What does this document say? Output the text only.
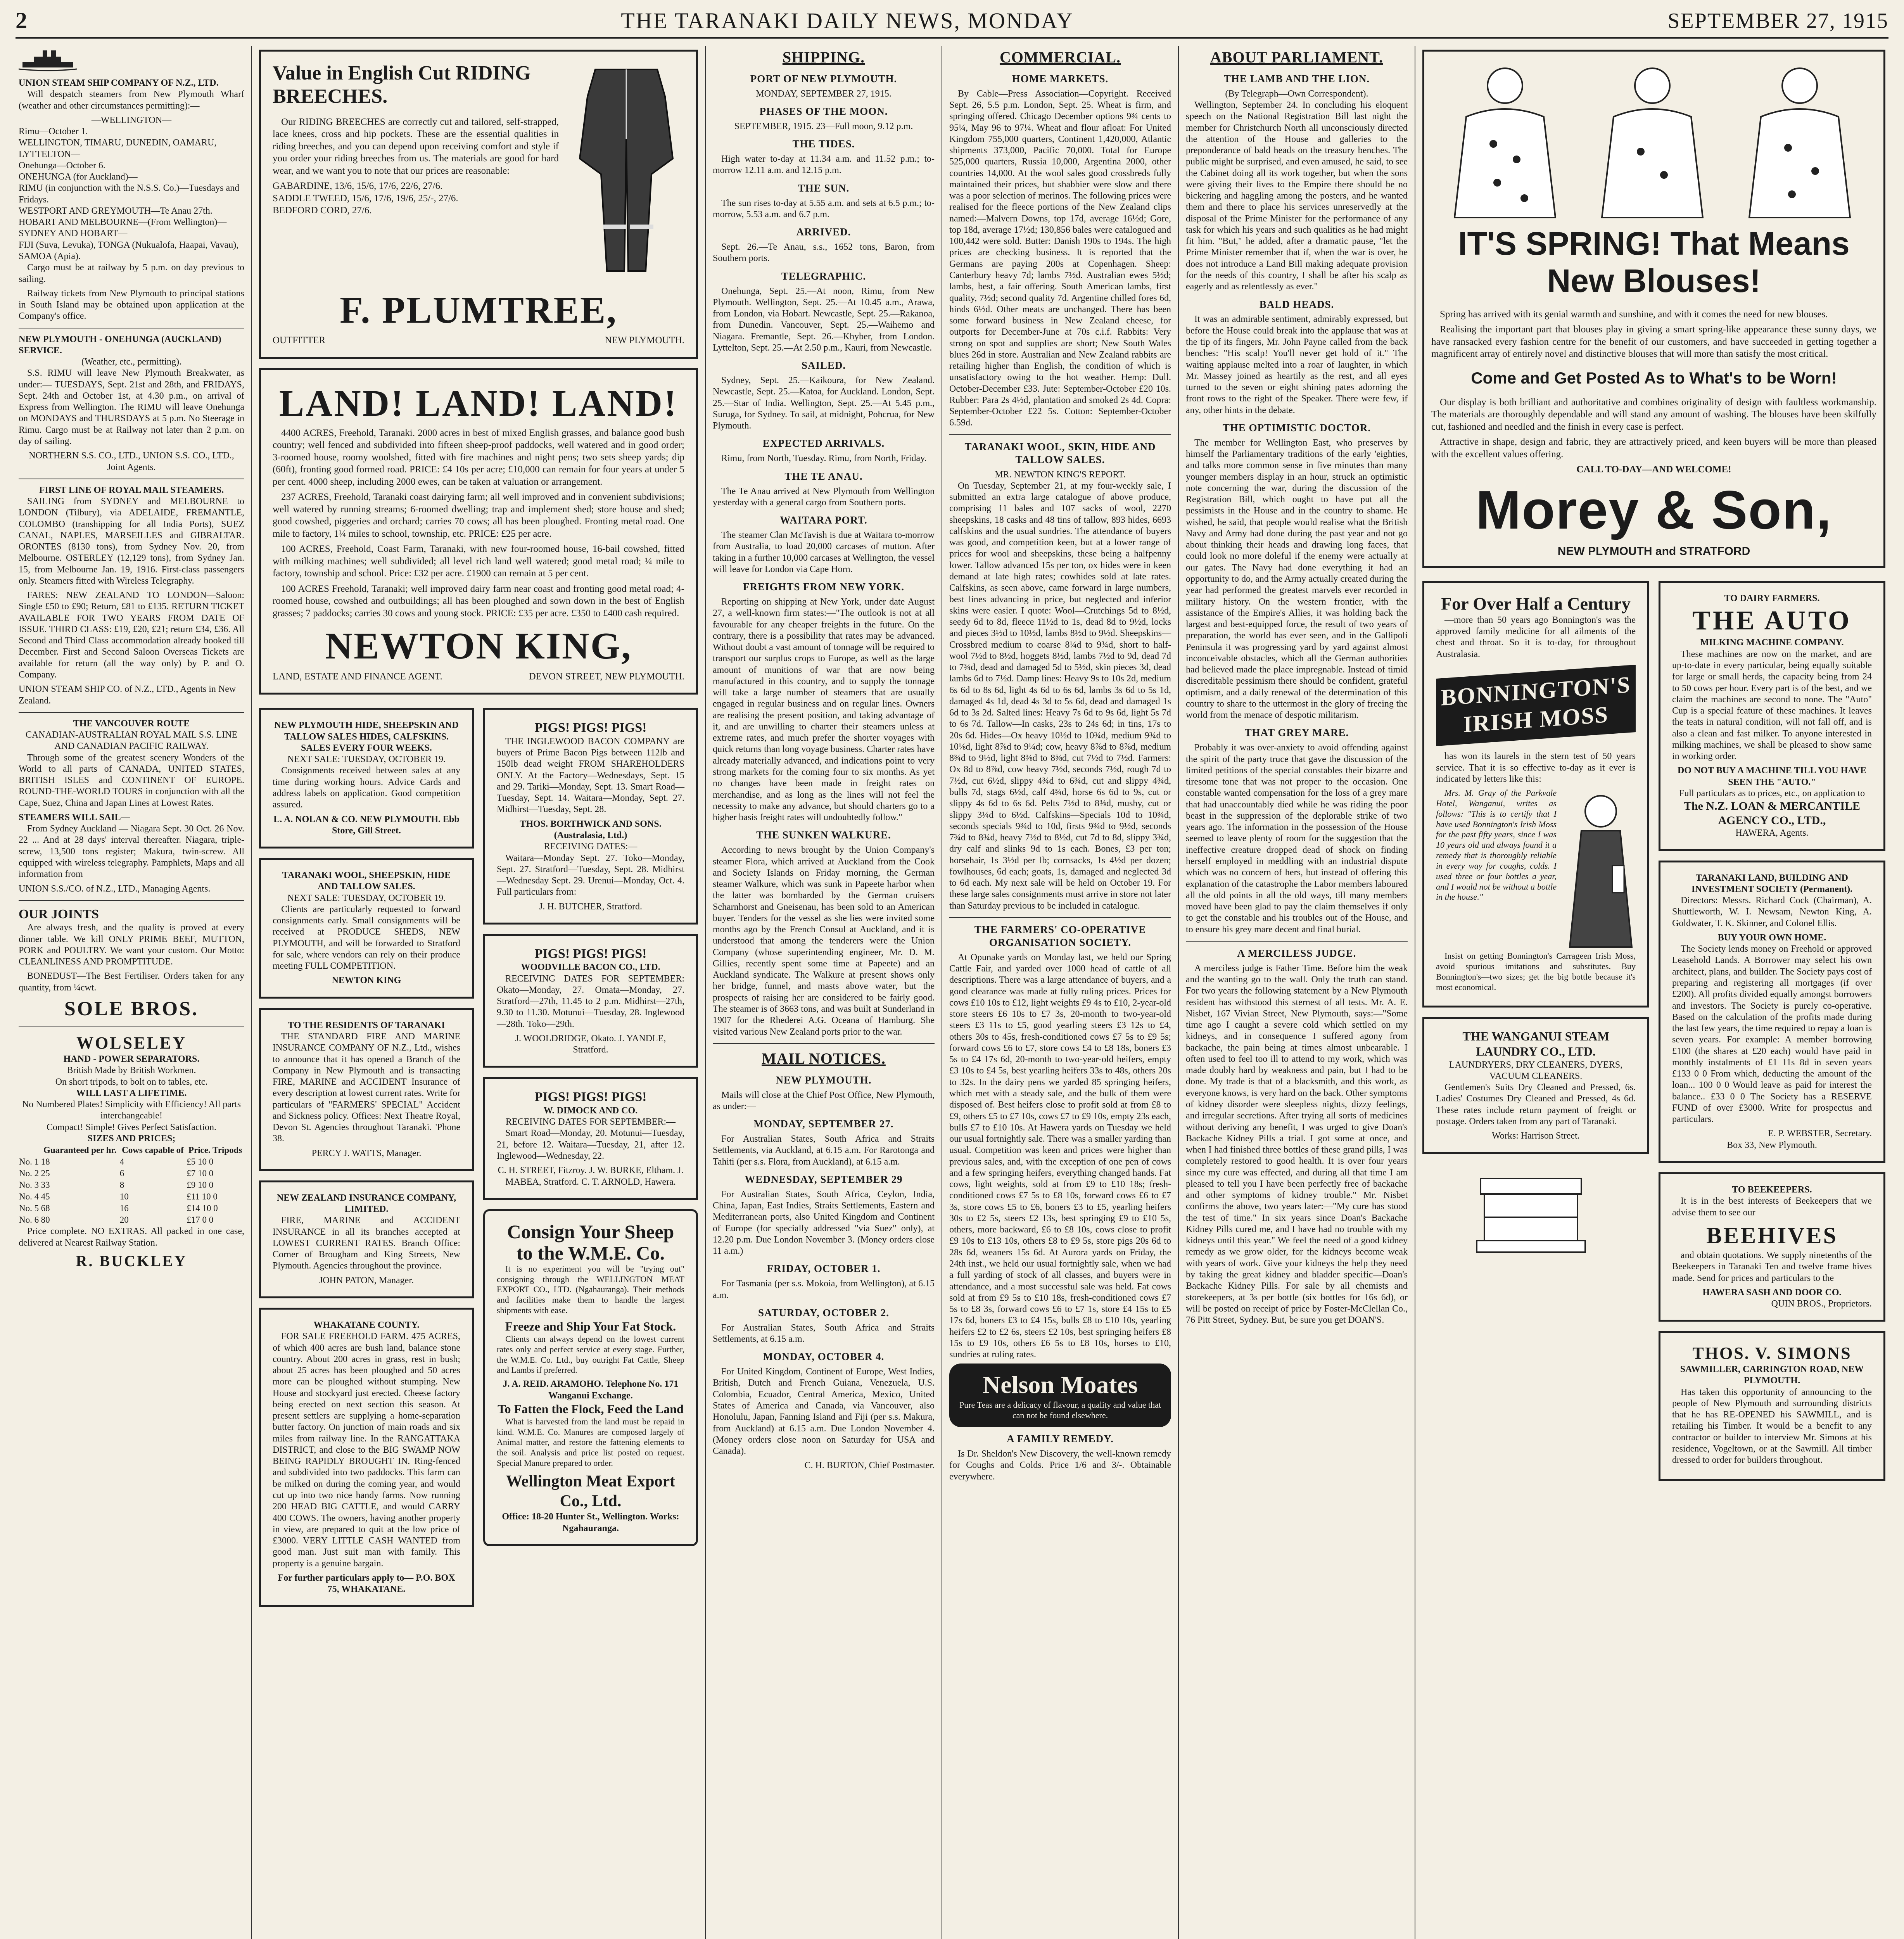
2	THE TARANAKI DAILY NEWS, MONDAY	SEPTEMBER 27, 1915
UNION STEAM SHIP COMPANY OF N.Z., LTD.

Will despatch steamers from New Plymouth Wharf (weather and other circumstances permitting):—

—WELLINGTON—
Rimu—October 1.
WELLINGTON, TIMARU, DUNEDIN, OAMARU, LYTTELTON—
Onehunga—October 6.
ONEHUNGA (for Auckland)—
RIMU (in conjunction with the N.S.S. Co.)—Tuesdays and Fridays.
WESTPORT AND GREYMOUTH—Te Anau 27th.
HOBART AND MELBOURNE—(From Wellington)—
SYDNEY AND HOBART—
FIJI (Suva, Levuka), TONGA (Nukualofa, Haapai, Vavau), SAMOA (Apia).

Cargo must be at railway by 5 p.m. on day previous to sailing.

Railway tickets from New Plymouth to principal stations in South Island may be obtained upon application at the Company's office.

NEW PLYMOUTH - ONEHUNGA (AUCKLAND) SERVICE.
(Weather, etc., permitting).

S.S. RIMU will leave New Plymouth Breakwater, as under:— TUESDAYS, Sept. 21st and 28th, and FRIDAYS, Sept. 24th and October 1st, at 4.30 p.m., on arrival of Express from Wellington. The RIMU will leave Onehunga on MONDAYS and THURSDAYS at 5 p.m. No Steerage in Rimu. Cargo must be at Railway not later than 2 p.m. on day of sailing.

NORTHERN S.S. CO., LTD., UNION S.S. CO., LTD., Joint Agents.
FIRST LINE OF ROYAL MAIL STEAMERS.

SAILING from SYDNEY and MELBOURNE to LONDON (Tilbury), via ADELAIDE, FREMANTLE, COLOMBO (transhipping for all India Ports), SUEZ CANAL, NAPLES, MARSEILLES and GIBRALTAR. ORONTES (8130 tons), from Sydney Nov. 20, from Melbourne. OSTERLEY (12,129 tons), from Sydney Jan. 15, from Melbourne Jan. 19, 1916. First-class passengers only. Steamers fitted with Wireless Telegraphy.

FARES: NEW ZEALAND TO LONDON—Saloon: Single £50 to £90; Return, £81 to £135. RETURN TICKET AVAILABLE FOR TWO YEARS FROM DATE OF ISSUE. THIRD CLASS: £19, £20, £21; return £34, £36. All Second and Third Class accommodation already booked till December. First and Second Saloon Overseas Tickets are available for return (all the way only) by P. and O. Company.

UNION STEAM SHIP CO. of N.Z., LTD., Agents in New Zealand.
THE VANCOUVER ROUTE
CANADIAN-AUSTRALIAN ROYAL MAIL S.S. LINE AND CANADIAN PACIFIC RAILWAY.

Through some of the greatest scenery Wonders of the World to all parts of CANADA, UNITED STATES, BRITISH ISLES and CONTINENT OF EUROPE. ROUND-THE-WORLD TOURS in conjunction with all the Cape, Suez, China and Japan Lines at Lowest Rates.

STEAMERS WILL SAIL—

From Sydney Auckland — Niagara Sept. 30 Oct. 26 Nov. 22 ... And at 28 days' interval thereafter. Niagara, triple-screw, 13,500 tons register; Makura, twin-screw. All equipped with wireless telegraphy. Pamphlets, Maps and all information from

UNION S.S./CO. of N.Z., LTD., Managing Agents.
OUR JOINTS

Are always fresh, and the quality is proved at every dinner table. We kill ONLY PRIME BEEF, MUTTON, PORK and POULTRY. We want your custom. Our Motto: CLEANLINESS AND PROMPTITUDE.

BONEDUST—The Best Fertiliser. Orders taken for any quantity, from ¼cwt.

SOLE BROS.
WOLSELEY
HAND - POWER SEPARATORS.
British Made by British Workmen.
On short tripods, to bolt on to tables, etc.
WILL LAST A LIFETIME.
No Numbered Plates! Simplicity with Efficiency! All parts interchangeable!
Compact! Simple! Gives Perfect Satisfaction.
SIZES AND PRICES;
	Guaranteed per hr.	Cows capable of	Price. Tripods
No. 1	18	4	£5 10 0
No. 2	25	6	£7 10 0
No. 3	33	8	£9 10 0
No. 4	45	10	£11 10 0
No. 5	68	16	£14 10 0
No. 6	80	20	£17 0 0

Price complete. NO EXTRAS. All packed in one case, delivered at Nearest Railway Station.

R. BUCKLEY
Value in English Cut RIDING BREECHES.

Our RIDING BREECHES are correctly cut and tailored, self-strapped, lace knees, cross and hip pockets. These are the essential qualities in riding breeches, and you can depend upon receiving comfort and style if you order your riding breeches from us. The materials are good for hard wear, and we want you to note that our prices are reasonable:

GABARDINE, 13/6, 15/6, 17/6, 22/6, 27/6.
SADDLE TWEED, 15/6, 17/6, 19/6, 25/-, 27/6.
BEDFORD CORD, 27/6.
F. PLUMTREE,
OUTFITTER	NEW PLYMOUTH.
LAND! LAND! LAND!

4400 ACRES, Freehold, Taranaki. 2000 acres in best of mixed English grasses, and balance good bush country; well fenced and subdivided into fifteen sheep-proof paddocks, well watered and in good order; 3-roomed house, roomy woolshed, fitted with fire machines and night pens; two sets sheep yards; dip (60ft), fronting good formed road. PRICE: £4 10s per acre; £10,000 can remain for four years at under 5 per cent. 4000 sheep, including 2000 ewes, can be taken at valuation or arrangement.

237 ACRES, Freehold, Taranaki coast dairying farm; all well improved and in convenient subdivisions; well watered by running streams; 6-roomed dwelling; trap and implement shed; store house and shed; good cowshed, piggeries and orchard; carries 70 cows; all has been ploughed. Fronting metal road. One mile to factory, 1¼ miles to school, township, etc. PRICE: £25 per acre.

100 ACRES, Freehold, Coast Farm, Taranaki, with new four-roomed house, 16-bail cowshed, fitted with milking machines; well subdivided; all level rich land well watered; good metal road; ¼ mile to factory, township and school. Price: £32 per acre. £1900 can remain at 5 per cent.

100 ACRES Freehold, Taranaki; well improved dairy farm near coast and fronting good metal road; 4-roomed house, cowshed and outbuildings; all has been ploughed and sown down in the best of English grasses; 7 paddocks; carries 30 cows and young stock. PRICE: £35 per acre. £350 to £400 cash required.

NEWTON KING,
LAND, ESTATE AND FINANCE AGENT.	DEVON STREET, NEW PLYMOUTH.
NEW PLYMOUTH HIDE, SHEEPSKIN AND TALLOW SALES HIDES, CALFSKINS.
SALES EVERY FOUR WEEKS.
NEXT SALE: TUESDAY, OCTOBER 19.

Consignments received between sales at any time during working hours. Advice Cards and address labels on application. Good competition assured.

L. A. NOLAN & CO. NEW PLYMOUTH. Ebb Store, Gill Street.
TARANAKI WOOL, SHEEPSKIN, HIDE AND TALLOW SALES.
NEXT SALE: TUESDAY, OCTOBER 19.

Clients are particularly requested to forward consignments early. Small consignments will be received at PRODUCE SHEDS, NEW PLYMOUTH, and will be forwarded to Stratford for sale, where vendors can rely on their produce meeting FULL COMPETITION.

NEWTON KING
TO THE RESIDENTS OF TARANAKI

THE STANDARD FIRE AND MARINE INSURANCE COMPANY OF N.Z., Ltd., wishes to announce that it has opened a Branch of the Company in New Plymouth and is transacting FIRE, MARINE and ACCIDENT Insurance of every description at lowest current rates. Write for particulars of "FARMERS' SPECIAL" Accident and Sickness policy. Offices: Next Theatre Royal, Devon St. Agencies throughout Taranaki. 'Phone 38.

PERCY J. WATTS, Manager.
NEW ZEALAND INSURANCE COMPANY, LIMITED.

FIRE, MARINE and ACCIDENT INSURANCE in all its branches accepted at LOWEST CURRENT RATES. Branch Office: Corner of Brougham and King Streets, New Plymouth. Agencies throughout the province.

JOHN PATON, Manager.
WHAKATANE COUNTY.

FOR SALE FREEHOLD FARM. 475 ACRES, of which 400 acres are bush land, balance stone country. About 200 acres in grass, rest in bush; about 25 acres has been ploughed and 50 acres more can be ploughed without stumping. New House and stockyard just erected. Cheese factory being erected on next section this season. At present settlers are supplying a home-separation butter factory. On junction of main roads and six miles from railway line. In the RANGATTAKA DISTRICT, and close to the BIG SWAMP NOW BEING RAPIDLY BROUGHT IN. Ring-fenced and subdivided into two paddocks. This farm can be milked on during the coming year, and would cut up into two nice handy farms. Now running 200 HEAD BIG CATTLE, and would CARRY 400 COWS. The owners, having another property in view, are prepared to quit at the low price of £3000. VERY LITTLE CASH WANTED from good man. Just suit man with family. This property is a genuine bargain.

For further particulars apply to— P.O. BOX 75, WHAKATANE.
PIGS! PIGS! PIGS!

THE INGLEWOOD BACON COMPANY are buyers of Prime Bacon Pigs between 112lb and 150lb dead weight FROM SHAREHOLDERS ONLY. At the Factory—Wednesdays, Sept. 15 and 29. Tariki—Monday, Sept. 13. Smart Road—Tuesday, Sept. 14. Waitara—Monday, Sept. 27. Midhirst—Tuesday, Sept. 28.

THOS. BORTHWICK AND SONS. (Australasia, Ltd.)
RECEIVING DATES:—

Waitara—Monday Sept. 27. Toko—Monday, Sept. 27. Stratford—Tuesday, Sept. 28. Midhirst—Wednesday Sept. 29. Urenui—Monday, Oct. 4. Full particulars from:

J. H. BUTCHER, Stratford.
PIGS! PIGS! PIGS!
WOODVILLE BACON CO., LTD.

RECEIVING DATES FOR SEPTEMBER: Okato—Monday, 27. Omata—Monday, 27. Stratford—27th, 11.45 to 2 p.m. Midhirst—27th, 9.30 to 11.30. Motunui—Tuesday, 28. Inglewood—28th. Toko—29th.

J. WOOLDRIDGE, Okato. J. YANDLE, Stratford.
PIGS! PIGS! PIGS!
W. DIMOCK AND CO.
RECEIVING DATES FOR SEPTEMBER:—

Smart Road—Monday, 20. Motunui—Tuesday, 21, before 12. Waitara—Tuesday, 21, after 12. Inglewood—Wednesday, 22.

C. H. STREET, Fitzroy. J. W. BURKE, Eltham. J. MABEA, Stratford. C. T. ARNOLD, Hawera.
Consign Your Sheep to the W.M.E. Co.

It is no experiment you will be "trying out" consigning through the WELLINGTON MEAT EXPORT CO., LTD. (Ngahauranga). Their methods and facilities make them to handle the largest shipments with ease.

Freeze and Ship Your Fat Stock.

Clients can always depend on the lowest current rates only and perfect service at every stage. Further, the W.M.E. Co. Ltd., buy outright Fat Cattle, Sheep and Lambs if preferred.

J. A. REID. ARAMOHO. Telephone No. 171 Wanganui Exchange.
To Fatten the Flock, Feed the Land

What is harvested from the land must be repaid in kind. W.M.E. Co. Manures are composed largely of Animal matter, and restore the fattening elements to the soil. Analysis and price list posted on request. Special Manure prepared to order.

Wellington Meat Export Co., Ltd.
Office: 18-20 Hunter St., Wellington. Works: Ngahauranga.
SHIPPING.
PORT OF NEW PLYMOUTH.
MONDAY, SEPTEMBER 27, 1915.
PHASES OF THE MOON.
SEPTEMBER, 1915. 23—Full moon, 9.12 p.m.
THE TIDES.

High water to-day at 11.34 a.m. and 11.52 p.m.; to-morrow 12.11 a.m. and 12.15 p.m.

THE SUN.

The sun rises to-day at 5.55 a.m. and sets at 6.5 p.m.; to-morrow, 5.53 a.m. and 6.7 p.m.

ARRIVED.

Sept. 26.—Te Anau, s.s., 1652 tons, Baron, from Southern ports.

TELEGRAPHIC.

Onehunga, Sept. 25.—At noon, Rimu, from New Plymouth. Wellington, Sept. 25.—At 10.45 a.m., Arawa, from London, via Hobart. Newcastle, Sept. 25.—Rakanoa, from Dunedin. Vancouver, Sept. 25.—Waihemo and Niagara. Fremantle, Sept. 26.—Khyber, from London. Lyttelton, Sept. 25.—At 2.50 p.m., Kauri, from Newcastle.

SAILED.

Sydney, Sept. 25.—Kaikoura, for New Zealand. Newcastle, Sept. 25.—Katoa, for Auckland. London, Sept. 25.—Star of India. Wellington, Sept. 25.—At 5.45 p.m., Suruga, for Sydney. To sail, at midnight, Pohcrua, for New Plymouth.

EXPECTED ARRIVALS.

Rimu, from North, Tuesday. Rimu, from North, Friday.

THE TE ANAU.

The Te Anau arrived at New Plymouth from Wellington yesterday with a general cargo from Southern ports.

WAITARA PORT.

The steamer Clan McTavish is due at Waitara to-morrow from Australia, to load 20,000 carcases of mutton. After taking in a further 10,000 carcases at Wellington, the vessel will leave for London via Cape Horn.

FREIGHTS FROM NEW YORK.

Reporting on shipping at New York, under date August 27, a well-known firm states:—"The outlook is not at all favourable for any cheaper freights in the future. On the contrary, there is a possibility that rates may be advanced. Without doubt a vast amount of tonnage will be required to transport our surplus crops to Europe, as well as the large amount of munitions of war that are now being manufactured in this country, and to supply the tonnage will take a large number of steamers that are usually engaged in regular business and on regular lines. Owners are realising the present position, and taking advantage of it, and are unwilling to charter their steamers unless at extreme rates, and much prefer the shorter voyages with quick returns than long voyage business. Charter rates have already materially advanced, and indications point to very strong markets for the coming four to six months. As yet no changes have been made in freight rates on merchandise, and as long as the lines will not feel the necessity to make any advance, but should charters go to a higher basis freight rates will undoubtedly follow."

THE SUNKEN WALKURE.

According to news brought by the Union Company's steamer Flora, which arrived at Auckland from the Cook and Society Islands on Friday morning, the German steamer Walkure, which was sunk in Papeete harbor when the latter was bombarded by the German cruisers Scharnhorst and Gneisenau, has been sold to an American buyer. Tenders for the vessel as she lies were invited some months ago by the French Consul at Auckland, and it is understood that among the tenderers were the Union Company (whose superintending engineer, Mr. D. M. Gillies, recently spent some time at Papeete) and an Auckland syndicate. The Walkure at present shows only her bridge, funnel, and masts above water, but the prospects of raising her are considered to be fairly good. The steamer is of 3663 tons, and was built at Sunderland in 1907 for the Rhederei A.G. Oceana of Hamburg. She visited various New Zealand ports prior to the war.

MAIL NOTICES.
NEW PLYMOUTH.

Mails will close at the Chief Post Office, New Plymouth, as under:—

MONDAY, SEPTEMBER 27.

For Australian States, South Africa and Straits Settlements, via Auckland, at 6.15 a.m. For Rarotonga and Tahiti (per s.s. Flora, from Auckland), at 6.15 a.m.

WEDNESDAY, SEPTEMBER 29

For Australian States, South Africa, Ceylon, India, China, Japan, East Indies, Straits Settlements, Eastern and Mediterranean ports, also United Kingdom and Continent of Europe (for specially addressed "via Suez" only), at 12.20 p.m. Due London November 3. (Money orders close 11 a.m.)

FRIDAY, OCTOBER 1.

For Tasmania (per s.s. Mokoia, from Wellington), at 6.15 a.m.

SATURDAY, OCTOBER 2.

For Australian States, South Africa and Straits Settlements, at 6.15 a.m.

MONDAY, OCTOBER 4.

For United Kingdom, Continent of Europe, West Indies, British, Dutch and French Guiana, Venezuela, U.S. Colombia, Ecuador, Central America, Mexico, United States of America and Canada, via Vancouver, also Honolulu, Japan, Fanning Island and Fiji (per s.s. Makura, from Auckland) at 6.15 a.m. Due London November 4. (Money orders close noon on Saturday for USA and Canada).

C. H. BURTON, Chief Postmaster.
COMMERCIAL.
HOME MARKETS.

By Cable—Press Association—Copyright. Received Sept. 26, 5.5 p.m. London, Sept. 25. Wheat is firm, and springing offered. Chicago December options 9¾ cents to 95¼, May 96 to 97¼. Wheat and flour afloat: For United Kingdom 755,000 quarters, Continent 1,420,000, Atlantic shipments 373,000, Pacific 70,000. Total for Europe 525,000 quarters, Russia 10,000, Argentina 2000, other countries 14,000. At the wool sales good crossbreds fully maintained their prices, but shabbier were slow and there was a poor selection of merinos. The following prices were realised for the fleece portions of the New Zealand clips named:—Malvern Downs, top 17d, average 16½d; Gore, top 18d, average 17½d; 130,856 bales were catalogued and 100,442 were sold. Butter: Danish 190s to 194s. The high prices are checking business. It is reported that the Germans are paying 200s at Copenhagen. Sheep: Canterbury heavy 7d; lambs 7½d. Australian ewes 5½d; lambs, best, a fair offering. South American lambs, first quality, 7½d; second quality 7d. Argentine chilled fores 6d, hinds 6½d. Other meats are unchanged. There has been some forward business in New Zealand cheese, for outports for December-June at 70s c.i.f. Rabbits: Very strong on spot and supplies are short; New South Wales blues 26d in store. Australian and New Zealand rabbits are retailing higher than English, the condition of which is unsatisfactory owing to the hot weather. Hemp: Dull. October-December £33. Jute: September-October £20 10s. Rubber: Para 2s 4½d, plantation and smoked 2s 4d. Copra: September-October £22 5s. Cotton: September-October 6.59d.

TARANAKI WOOL, SKIN, HIDE AND TALLOW SALES.
MR. NEWTON KING'S REPORT.

On Tuesday, September 21, at my four-weekly sale, I submitted an extra large catalogue of above produce, comprising 11 bales and 107 sacks of wool, 2270 sheepskins, 18 casks and 48 tins of tallow, 893 hides, 6693 calfskins and the usual sundries. The attendance of buyers was good, and competition keen, but at a lower range of prices for wool and sheepskins, these being a halfpenny lower. Tallow advanced 15s per ton, ox hides were in keen demand at late high rates; cowhides sold at late rates. Calfskins, as seen above, came forward in large numbers, best lines advancing in price, but neglected and inferior skins were easier. I quote: Wool—Crutchings 5d to 8½d, seedy 6d to 8d, fleece 11½d to 1s, dead 8d to 9½d, locks and pieces 3½d to 10½d, lambs 8½d to 9½d. Sheepskins—Crossbred medium to coarse 8¼d to 9¾d, short to half-wool 7½d to 8½d, hoggets 8½d, lambs 7½d to 9d, dead 7d to 7¾d, dead and damaged 5d to 5½d, skin pieces 3d, dead lambs 6d to 7½d. Damp lines: Heavy 9s to 10s 2d, medium 6s 6d to 8s 6d, light 4s 6d to 6s 6d, lambs 3s 6d to 5s 1d, damaged 4s 1d, dead 4s 3d to 5s 6d, dead and damaged 1s 6d to 3s 2d. Salted lines: Heavy 7s 6d to 9s 6d, light 5s 7d to 6s 7d. Tallow—In casks, 23s to 24s 6d; in tins, 17s to 20s 6d. Hides—Ox heavy 10½d to 10¾d, medium 9¾d to 10⅛d, light 8⅞d to 9¼d; cow, heavy 8⅞d to 8⅞d, medium 8¾d to 9½d, light 8⅜d to 8⅝d, cut 7½d to 7½d. Farmers: Ox 8d to 8⅞d, cow heavy 7½d, seconds 7½d, rough 7d to 7½d, cut 6½d, slippy 4¾d to 6¾d, cut and slippy 4¾d, bulls 7d, stags 6½d, calf 4¾d, horse 6s 6d to 9s, cut or slippy 4s 6d to 6s 6d. Pelts 7½d to 8⅜d, mushy, cut or slippy 3¼d to 6½d. Calfskins—Specials 10d to 10¾d, seconds specials 9¾d to 10d, firsts 9¾d to 9½d, seconds 7¾d to 8¾d, heavy 7½d to 8½d, cut 7d to 8d, slippy 3¾d, dry calf and slinks 9d to 1s each. Bones, £3 per ton; horsehair, 1s 3½d per lb; cornsacks, 1s 4½d per dozen; fowlhouses, 6d each; goats, 1s, damaged and neglected 3d to 6d each. My next sale will be held on October 19. For these large sales consignments must arrive in store not later than Saturday previous to be included in catalogue.

THE FARMERS' CO-OPERATIVE ORGANISATION SOCIETY.

At Opunake yards on Monday last, we held our Spring Cattle Fair, and yarded over 1000 head of cattle of all descriptions. There was a large attendance of buyers, and a good clearance was made at fully ruling prices. Prices for cows £10 10s to £12, light weights £9 4s to £10, 2-year-old store steers £6 10s to £7 3s, 20-month to two-year-old steers £3 11s to £5, good yearling steers £3 12s to £4, others 30s to 45s, fresh-conditioned cows £7 5s to £9 5s; forward cows £6 to £7, store cows £4 to £8 18s, boners £3 5s to £4 17s 6d, 20-month to two-year-old heifers, empty £3 10s to £4 5s, best yearling heifers 33s to 48s, others 20s to 32s. In the dairy pens we yarded 85 springing heifers, which met with a steady sale, and the bulk of them were disposed of. Best heifers close to profit sold at from £8 to £9, others £5 to £7 10s, cows £7 to £9 10s, empty 23s each, bulls £7 to £10 10s. At Hawera yards on Tuesday we held our usual fortnightly sale. There was a smaller yarding than usual. Competition was keen and prices were higher than previous sales, and, with the exception of one pen of cows and a few springing heifers, everything changed hands. Fat cows, light weights, sold at from £9 to £10 18s; fresh-conditioned cows £7 5s to £8 10s, forward cows £6 to £7 3s, store cows £5 to £6, boners £3 to £5, yearling heifers 30s to £2 5s, steers £2 13s, best springing £9 to £10 5s, others, more backward, £6 to £8 10s, cows close to profit £9 10s to £13 10s, others £8 to £9 5s, store pigs 20s 6d to 28s 6d, weaners 15s 6d. At Aurora yards on Friday, the 24th inst., we held our usual fortnightly sale, when we had a full yarding of stock of all classes, and buyers were in attendance, and a most successful sale was held. Fat cows sold at from £9 5s to £10 18s, fresh-conditioned cows £7 5s to £8 3s, forward cows £6 to £7 1s, store £4 15s to £5 17s 6d, boners £3 to £4 15s, bulls £8 to £10 10s, yearling heifers £2 to £2 6s, steers £2 10s, best springing heifers £8 15s to £9 10s, others £6 5s to £8 10s, horses to £10, sundries at ruling rates.

Nelson Moates
Pure Teas are a delicacy of flavour, a quality and value that can not be found elsewhere.
A FAMILY REMEDY.

Is Dr. Sheldon's New Discovery, the well-known remedy for Coughs and Colds. Price 1/6 and 3/-. Obtainable everywhere.

ABOUT PARLIAMENT.
THE LAMB AND THE LION.
(By Telegraph—Own Correspondent).

Wellington, September 24. In concluding his eloquent speech on the National Registration Bill last night the member for Christchurch North all unconsciously directed the attention of the House and galleries to the preponderance of bald heads on the treasury benches. The public might be surprised, and even amused, he said, to see the Cabinet doing all its work together, but when the sons were giving their lives to the Empire there should be no bickering and haggling among the posters, and he wanted them and there to place his services unreservedly at the disposal of the Prime Minister for the performance of any task for which his years and such qualities as he had might fit him. "But," he added, after a dramatic pause, "let the Prime Minister remember that if, when the war is over, he does not introduce a Land Bill making adequate provision for the needs of this country, I shall be after his scalp as eagerly and as relentlessly as ever."

BALD HEADS.

It was an admirable sentiment, admirably expressed, but before the House could break into the applause that was at the tip of its fingers, Mr. John Payne called from the back benches: "His scalp! You'll never get hold of it." The waiting applause melted into a roar of laughter, in which Mr. Massey joined as heartily as the rest, and all eyes turned to the seven or eight shining pates adorning the front rows to the right of the Speaker. There were few, if any, other hints in the debate.

THE OPTIMISTIC DOCTOR.

The member for Wellington East, who preserves by himself the Parliamentary traditions of the early 'eighties, and talks more common sense in five minutes than many younger members display in an hour, struck an optimistic note concerning the war, during the discussion of the Registration Bill, which ought to have put all the pessimists in the House and in the country to shame. He wished, he said, that people would realise what the British Navy and Army had done during the past year and not go about thinking their heads and drawing long faces, that could look no more doleful if the enemy were actually at our gates. The Navy had done everything it had an opportunity to do, and the Army actually created during the year had performed the greatest marvels ever recorded in military history. On the western frontier, with the assistance of the Empire's Allies, it was holding back the largest and best-equipped force, the result of two years of preparation, the world has ever seen, and in the Gallipoli Peninsula it was progressing yard by yard against almost inconceivable obstacles, which all the German authorities had believed made the place impregnable. Instead of timid discreditable pessimism there should be confident, grateful optimism, and a daily renewal of the determination of this country to share to the uttermost in the glory of freeing the world from the menace of despotic militarism.

THAT GREY MARE.

Probably it was over-anxiety to avoid offending against the spirit of the party truce that gave the discussion of the limited petitions of the special constables their bizarre and tiresome tone that was not proper to the occasion. One constable wanted compensation for the loss of a grey mare that had unaccountably died while he was riding the poor beast in the suppression of the deplorable strike of two years ago. The information in the possession of the House seemed to leave plenty of room for the suggestion that the ineffective creature dropped dead of shock on finding herself employed in meddling with an industrial dispute which was no concern of hers, but instead of offering this explanation of the catastrophe the Labor members laboured all the old points in all the old ways, till many members moved have been glad to pay the claim themselves if only to get the constable and his troubles out of the House, and to ensure his grey mare decent and final burial.

A MERCILESS JUDGE.

A merciless judge is Father Time. Before him the weak and the wanting go to the wall. Only the truth can stand. For two years the following statement by a New Plymouth resident has withstood this sternest of all tests. Mr. A. E. Nisbet, 167 Vivian Street, New Plymouth, says:—"Some time ago I caught a severe cold which settled on my kidneys, and in consequence I suffered agony from backache, the pain being at times almost unbearable. I often used to feel too ill to attend to my work, which was made doubly hard by weakness and pain, but I had to be done. My trade is that of a blacksmith, and this work, as everyone knows, is very hard on the back. Other symptoms of kidney disorder were sleepless nights, dizzy feelings, and irregular secretions. After trying all sorts of medicines without deriving any benefit, I was urged to give Doan's Backache Kidney Pills a trial. I got some at once, and when I had finished three bottles of these grand pills, I was completely restored to good health. It is over four years since my cure was effected, and during all that time I am pleased to tell you I have been perfectly free of backache and other symptoms of kidney trouble." Mr. Nisbet confirms the above, two years later:—"My cure has stood the test of time." In six years since Doan's Backache Kidney Pills cured me, and I have had no trouble with my kidneys until this year." We feel the need of a good kidney remedy as we grow older, for the kidneys become weak with years of work. Give your kidneys the help they need by taking the great kidney and bladder specific—Doan's Backache Kidney Pills. For sale by all chemists and storekeepers, at 3s per bottle (six bottles for 16s 6d), or will be posted on receipt of price by Foster-McClellan Co., 76 Pitt Street, Sydney. But, be sure you get DOAN'S.

IT'S SPRING! That Means New Blouses!

Spring has arrived with its genial warmth and sunshine, and with it comes the need for new blouses.

Realising the important part that blouses play in giving a smart spring-like appearance these sunny days, we have ransacked every fashion centre for the benefit of our customers, and have succeeded in getting together a magnificent array of entirely novel and distinctive blouses that will more than satisfy the most critical.

Come and Get Posted As to What's to be Worn!

Our display is both brilliant and authoritative and combines originality of design with faultless workmanship. The materials are thoroughly dependable and will stand any amount of washing. The blouses have been skilfully cut, fashioned and needled and the finish in every case is perfect.

Attractive in shape, design and fabric, they are attractively priced, and keen buyers will be more than pleased with the excellent values offering.

CALL TO-DAY—AND WELCOME!
Morey & Son,
NEW PLYMOUTH and STRATFORD
For Over Half a Century

—more than 50 years ago Bonnington's was the approved family medicine for all ailments of the chest and throat. So it is to-day, for throughout Australasia.

BONNINGTON'S IRISH MOSS

has won its laurels in the stern test of 50 years service. That it is so effective to-day as it ever is indicated by letters like this:

Mrs. M. Gray of the Parkvale Hotel, Wanganui, writes as follows: "This is to certify that I have used Bonnington's Irish Moss for the past fifty years, since I was 10 years old and always found it a remedy that is thoroughly reliable in every way for coughs, colds. I used three or four bottles a year, and I would not be without a bottle in the house."

Insist on getting Bonnington's Carrageen Irish Moss, avoid spurious imitations and substitutes. Buy Bonnington's—two sizes; get the big bottle because it's most economical.

THE WANGANUI STEAM LAUNDRY CO., LTD.
LAUNDRYERS, DRY CLEANERS, DYERS, VACUUM CLEANERS.

Gentlemen's Suits Dry Cleaned and Pressed, 6s. Ladies' Costumes Dry Cleaned and Pressed, 4s 6d. These rates include return payment of freight or postage. Orders taken from any part of Taranaki.

Works: Harrison Street.
TO DAIRY FARMERS.
THE AUTO
MILKING MACHINE COMPANY.

These machines are now on the market, and are up-to-date in every particular, being equally suitable for large or small herds, the capacity being from 24 to 50 cows per hour. Every part is of the best, and we claim the machines are second to none. The "Auto" Cup is a special feature of these machines. It leaves the teats in natural condition, will not fall off, and is also a clean and fast milker. To anyone interested in milking machines, we shall be pleased to show same in working order.

DO NOT BUY A MACHINE TILL YOU HAVE SEEN THE "AUTO."
Full particulars as to prices, etc., on application to
The N.Z. LOAN & MERCANTILE AGENCY CO., LTD.,
HAWERA, Agents.
TARANAKI LAND, BUILDING AND INVESTMENT SOCIETY (Permanent).

Directors: Messrs. Richard Cock (Chairman), A. Shuttleworth, W. I. Newsam, Newton King, A. Goldwater, T. K. Skinner, and Colonel Ellis.

BUY YOUR OWN HOME.

The Society lends money on Freehold or approved Leasehold Lands. A Borrower may select his own architect, plans, and builder. The Society pays cost of preparing and registering all mortgages (if over £200). All profits divided equally amongst borrowers and investors. The Society is purely co-operative. Based on the calculation of the profits made during the last few years, the time required to repay a loan is seven years. For example: A member borrowing £100 (the shares at £20 each) would have paid in monthly instalments of £1 11s 8d in seven years £133 0 0 From which, deducting the amount of the loan... 100 0 0 Would leave as paid for interest the balance.. £33 0 0 The Society has a RESERVE FUND of over £3000. Write for prospectus and particulars.

E. P. WEBSTER, Secretary.
Box 33, New Plymouth.
TO BEEKEEPERS.

It is in the best interests of Beekeepers that we advise them to see our

BEEHIVES

and obtain quotations. We supply ninetenths of the Beekeepers in Taranaki Ten and twelve frame hives made. Send for prices and particulars to the

HAWERA SASH AND DOOR CO.
QUIN BROS., Proprietors.
THOS. V. SIMONS
SAWMILLER, CARRINGTON ROAD, NEW PLYMOUTH.

Has taken this opportunity of announcing to the people of New Plymouth and surrounding districts that he has RE-OPENED his SAWMILL, and is retailing his Timber. It would be a benefit to any contractor or builder to interview Mr. Simons at his residence, Vogeltown, or at the Sawmill. All timber dressed to order for builders throughout.
